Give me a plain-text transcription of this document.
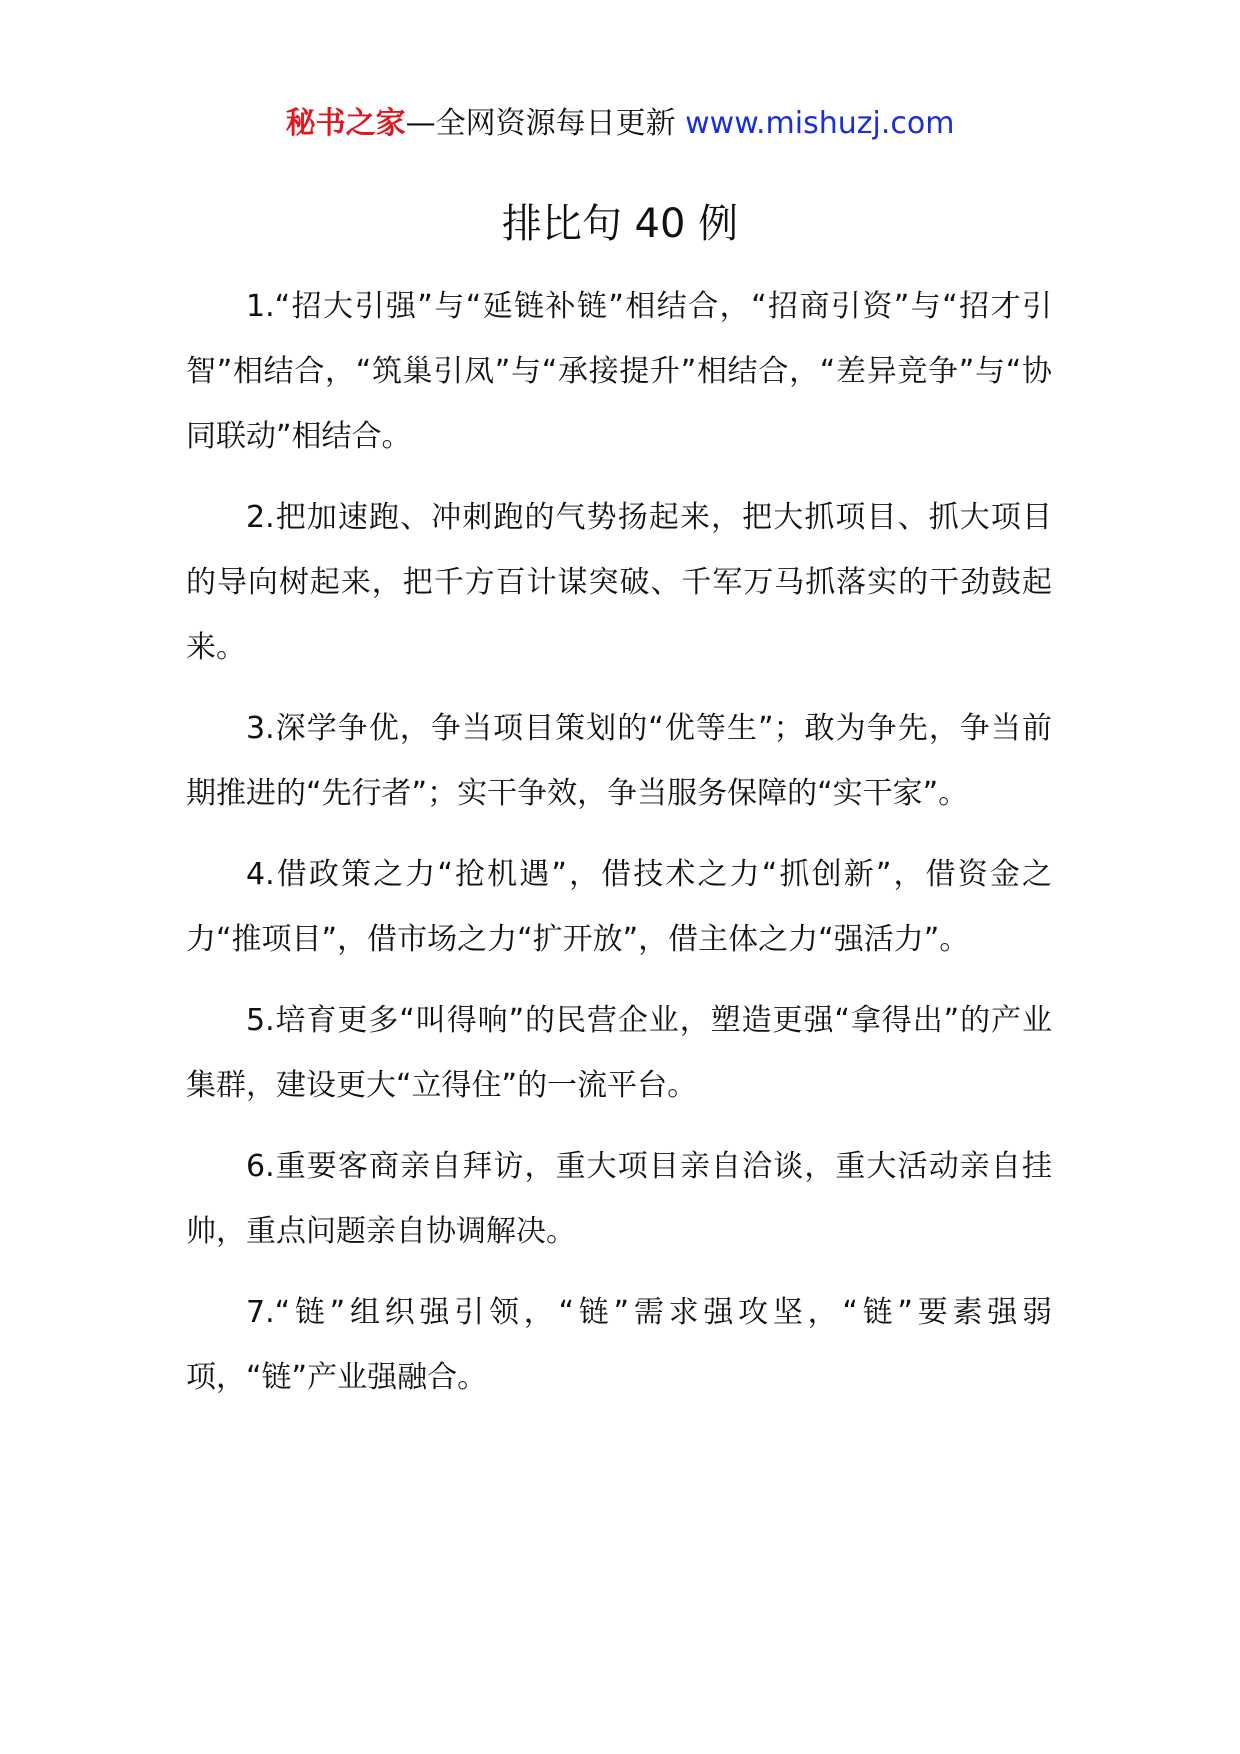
秘书之家—全网资源每日更新 www.mishuzj.com
排比句 40 例

1.“招大引强”与“延链补链”相结合，“招商引资”与“招才引智”相结合，“筑巢引凤”与“承接提升”相结合，“差异竞争”与“协同联动”相结合。

2.把加速跑、冲刺跑的气势扬起来，把大抓项目、抓大项目的导向树起来，把千方百计谋突破、千军万马抓落实的干劲鼓起来。

3.深学争优，争当项目策划的“优等生”；敢为争先，争当前期推进的“先行者”；实干争效，争当服务保障的“实干家”。

4.借政策之力“抢机遇”，借技术之力“抓创新”，借资金之力“推项目”，借市场之力“扩开放”，借主体之力“强活力”。

5.培育更多“叫得响”的民营企业，塑造更强“拿得出”的产业集群，建设更大“立得住”的一流平台。

6.重要客商亲自拜访，重大项目亲自洽谈，重大活动亲自挂帅，重点问题亲自协调解决。

7.“链”组织强引领，“链”需求强攻坚，“链”要素强弱项，“链”产业强融合。
